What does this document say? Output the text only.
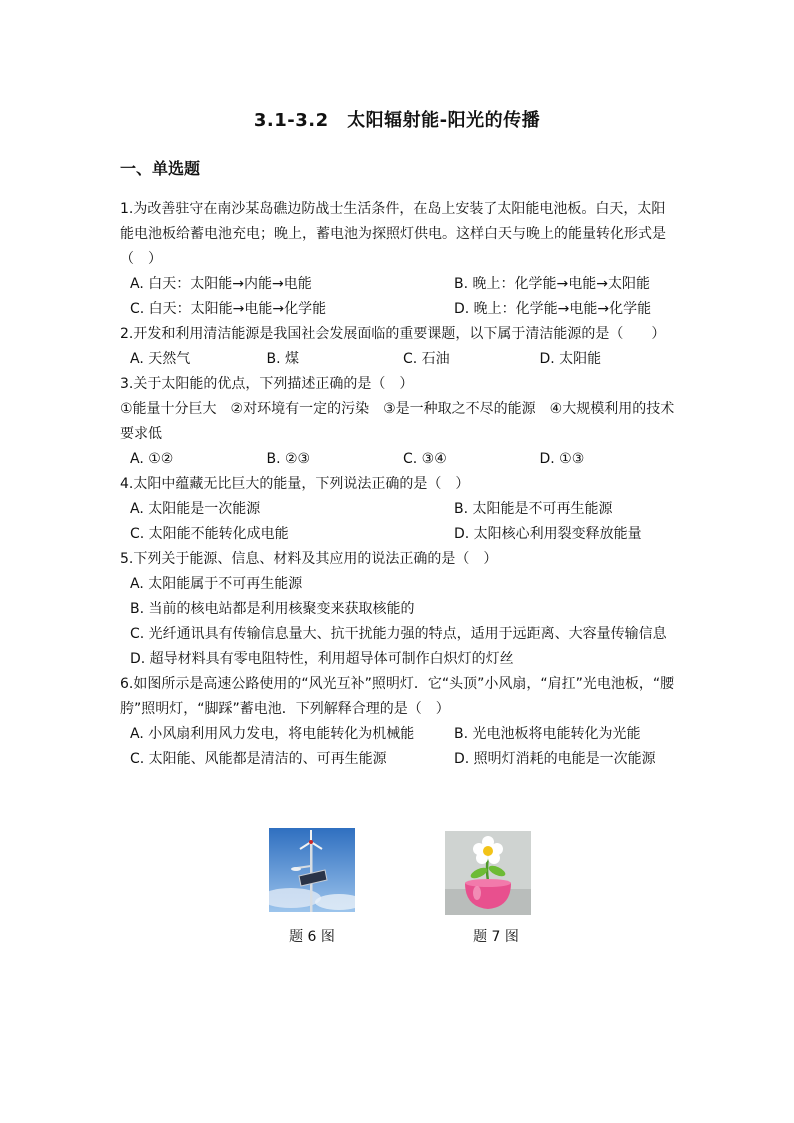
3.1-3.2　太阳辐射能-阳光的传播
一、单选题

1.为改善驻守在南沙某岛礁边防战士生活条件，在岛上安装了太阳能电池板。白天，太阳能电池板给蓄电池充电；晚上，蓄电池为探照灯供电。这样白天与晚上的能量转化形式是（　）

A. 白天：太阳能→内能→电能	B. 晚上：化学能→电能→太阳能
C. 白天：太阳能→电能→化学能	D. 晚上：化学能→电能→化学能

2.开发和利用清洁能源是我国社会发展面临的重要课题，以下属于清洁能源的是（　　）

A. 天然气	B. 煤	C. 石油	D. 太阳能

3.关于太阳能的优点，下列描述正确的是（　）

①能量十分巨大　②对环境有一定的污染　③是一种取之不尽的能源　④大规模利用的技术要求低

A. ①②	B. ②③	C. ③④	D. ①③

4.太阳中蕴藏无比巨大的能量，下列说法正确的是（　）

A. 太阳能是一次能源	B. 太阳能是不可再生能源
C. 太阳能不能转化成电能	D. 太阳核心利用裂变释放能量

5.下列关于能源、信息、材料及其应用的说法正确的是（　）

A. 太阳能属于不可再生能源
B. 当前的核电站都是利用核聚变来获取核能的
C. 光纤通讯具有传输信息量大、抗干扰能力强的特点，适用于远距离、大容量传输信息
D. 超导材料具有零电阻特性，利用超导体可制作白炽灯的灯丝

6.如图所示是高速公路使用的“风光互补”照明灯．它“头顶”小风扇，“肩扛”光电池板，“腰胯”照明灯，“脚踩”蓄电池．下列解释合理的是（　）

A. 小风扇利用风力发电，将电能转化为机械能	B. 光电池板将电能转化为光能
C. 太阳能、风能都是清洁的、可再生能源	D. 照明灯消耗的电能是一次能源
题 6 图	题 7 图
